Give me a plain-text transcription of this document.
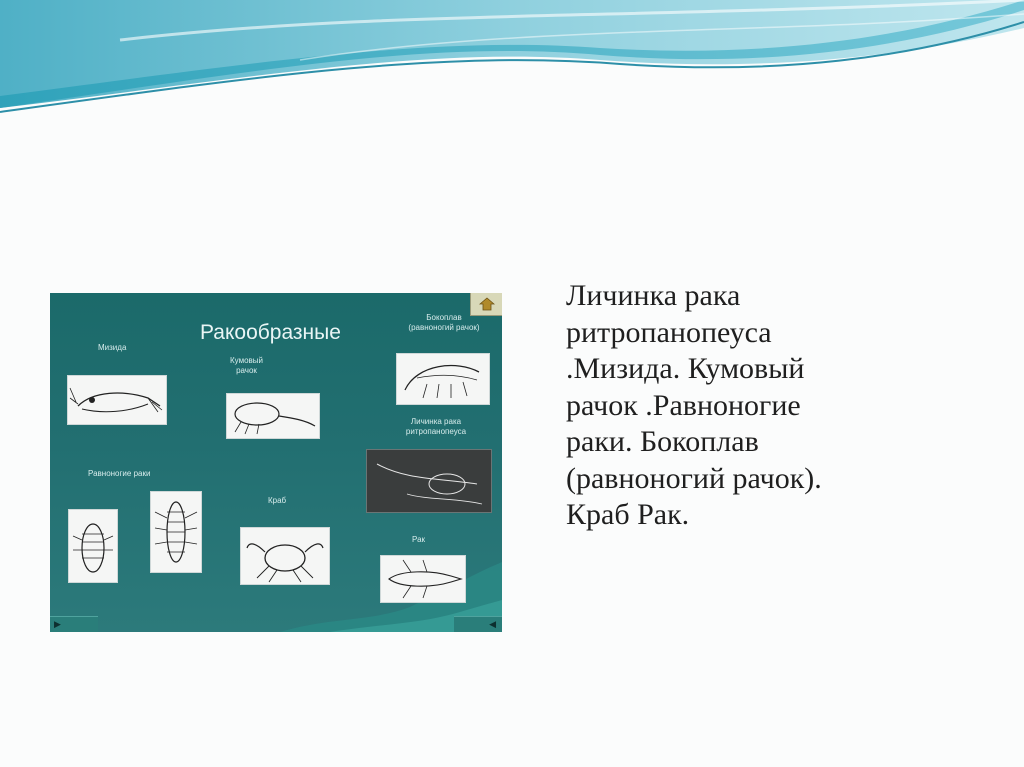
Ракообразные
Мизида
Кумовый
рачок
Бокоплав
(равноногий рачок)
Личинка рака
ритропанопеуса
Равноногие раки
Краб
Рак
▶	◀

Личинка рака
ритропанопеуса
.Мизида. Кумовый
рачок .Равноногие
раки. Бокоплав
(равноногий рачок).
Краб Рак.
